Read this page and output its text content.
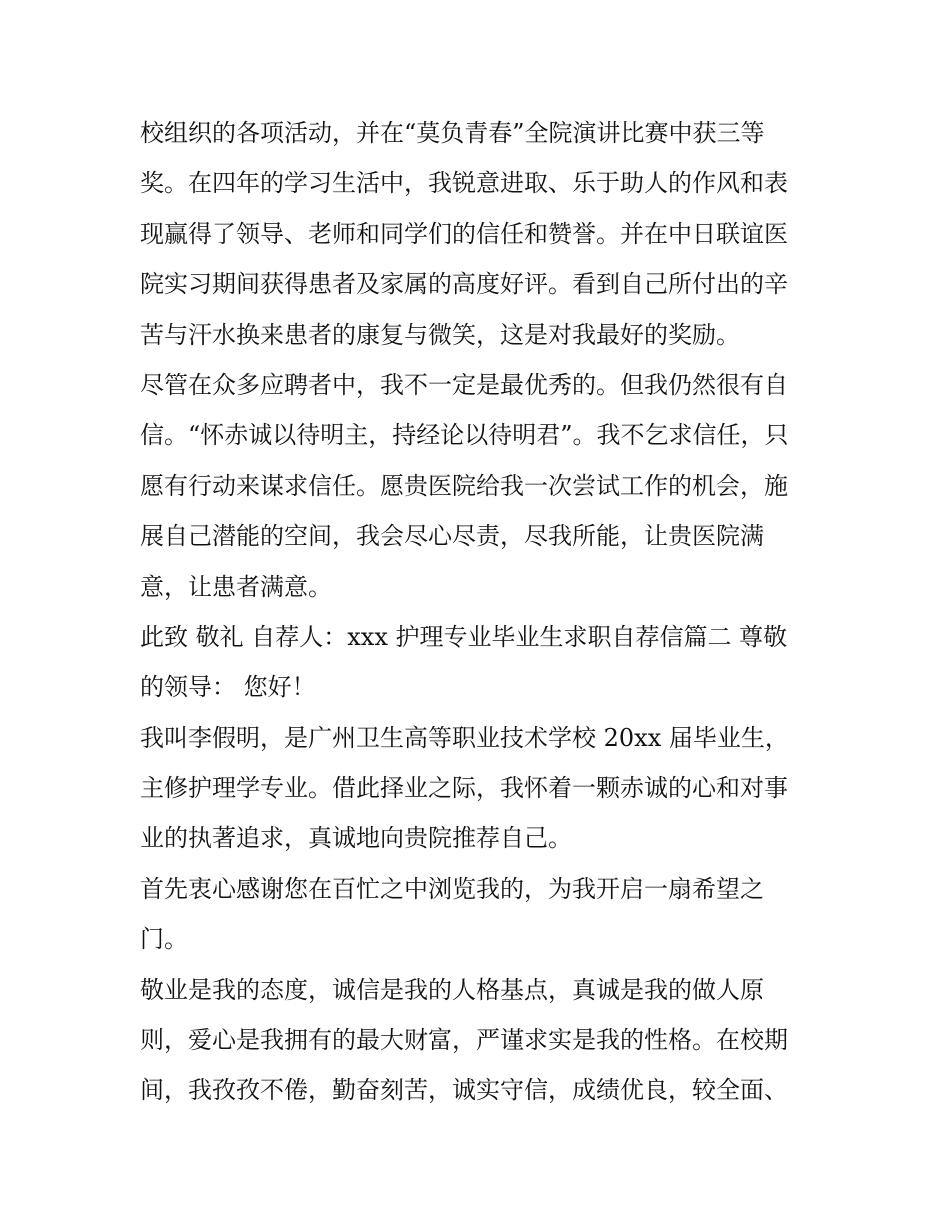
校组织的各项活动，并在“莫负青春”全院演讲比赛中获三等
奖。在四年的学习生活中，我锐意进取、乐于助人的作风和表
现赢得了领导、老师和同学们的信任和赞誉。并在中日联谊医
院实习期间获得患者及家属的高度好评。看到自己所付出的辛
苦与汗水换来患者的康复与微笑，这是对我最好的奖励。
尽管在众多应聘者中，我不一定是最优秀的。但我仍然很有自
信。“怀赤诚以待明主，持经论以待明君”。我不乞求信任，只
愿有行动来谋求信任。愿贵医院给我一次尝试工作的机会，施
展自己潜能的空间，我会尽心尽责，尽我所能，让贵医院满
意，让患者满意。
此致 敬礼 自荐人：xxx 护理专业毕业生求职自荐信篇二 尊敬
的领导： 您好！
我叫李假明，是广州卫生高等职业技术学校 20xx 届毕业生，
主修护理学专业。借此择业之际，我怀着一颗赤诚的心和对事
业的执著追求，真诚地向贵院推荐自己。
首先衷心感谢您在百忙之中浏览我的，为我开启一扇希望之
门。
敬业是我的态度，诚信是我的人格基点，真诚是我的做人原
则，爱心是我拥有的最大财富，严谨求实是我的性格。在校期
间，我孜孜不倦，勤奋刻苦，诚实守信，成绩优良，较全面、
